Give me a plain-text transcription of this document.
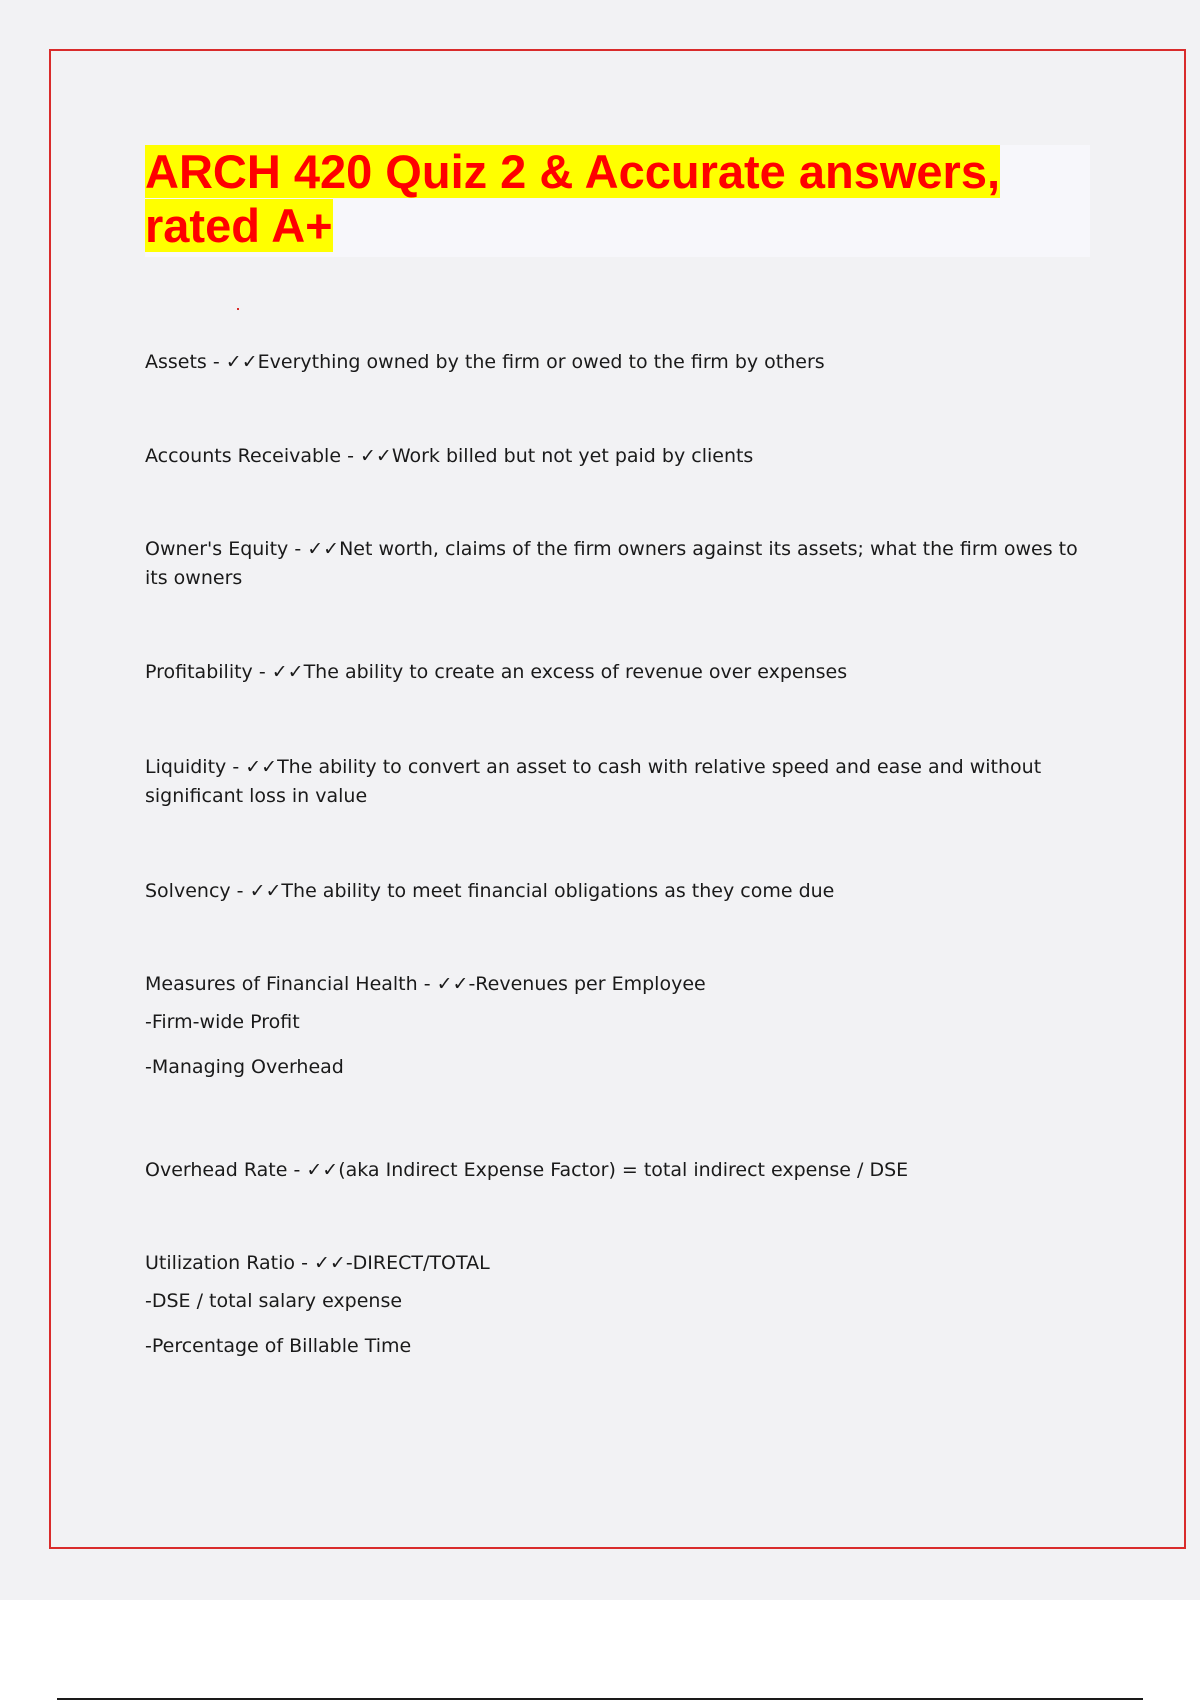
ARCH 420 Quiz 2 & Accurate answers,
rated A+

Assets - ✓✓Everything owned by the firm or owed to the firm by others

Accounts Receivable - ✓✓Work billed but not yet paid by clients

Owner's Equity - ✓✓Net worth, claims of the firm owners against its assets; what the firm owes to its owners

Profitability - ✓✓The ability to create an excess of revenue over expenses

Liquidity - ✓✓The ability to convert an asset to cash with relative speed and ease and without significant loss in value

Solvency - ✓✓The ability to meet financial obligations as they come due

Measures of Financial Health - ✓✓-Revenues per Employee
-Firm-wide Profit
-Managing Overhead

Overhead Rate - ✓✓(aka Indirect Expense Factor) = total indirect expense / DSE

Utilization Ratio - ✓✓-DIRECT/TOTAL
-DSE / total salary expense
-Percentage of Billable Time
